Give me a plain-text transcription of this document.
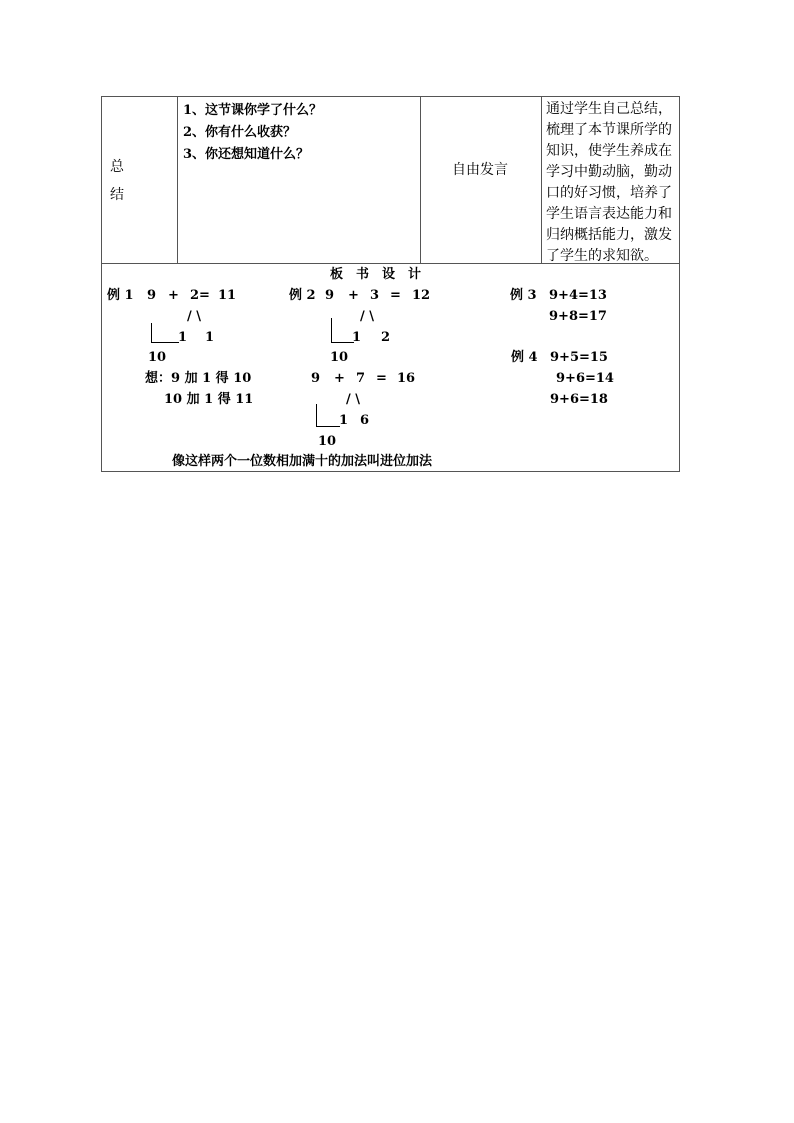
总
结
1、这节课你学了什么？
2、你有什么收获？
3、你还想知道什么？
自由发言
通过学生自己总结，
梳理了本节课所学的
知识，使学生养成在
学习中勤动脑，勤动
口的好习惯，培养了
学生语言表达能力和
归纳概括能力，激发
了学生的求知欲。
板　书　设　计
例 1 9 + 2= 11
/ \
1 1
10
想：9 加 1 得 10
10 加 1 得 11
例 2 9 + 3 = 12
/ \
1 2
10
9 + 7 = 16
/ \
1 6
10
例 3 9+4=13
9+8=17
例 4 9+5=15
9+6=14
9+6=18
像这样两个一位数相加满十的加法叫进位加法
